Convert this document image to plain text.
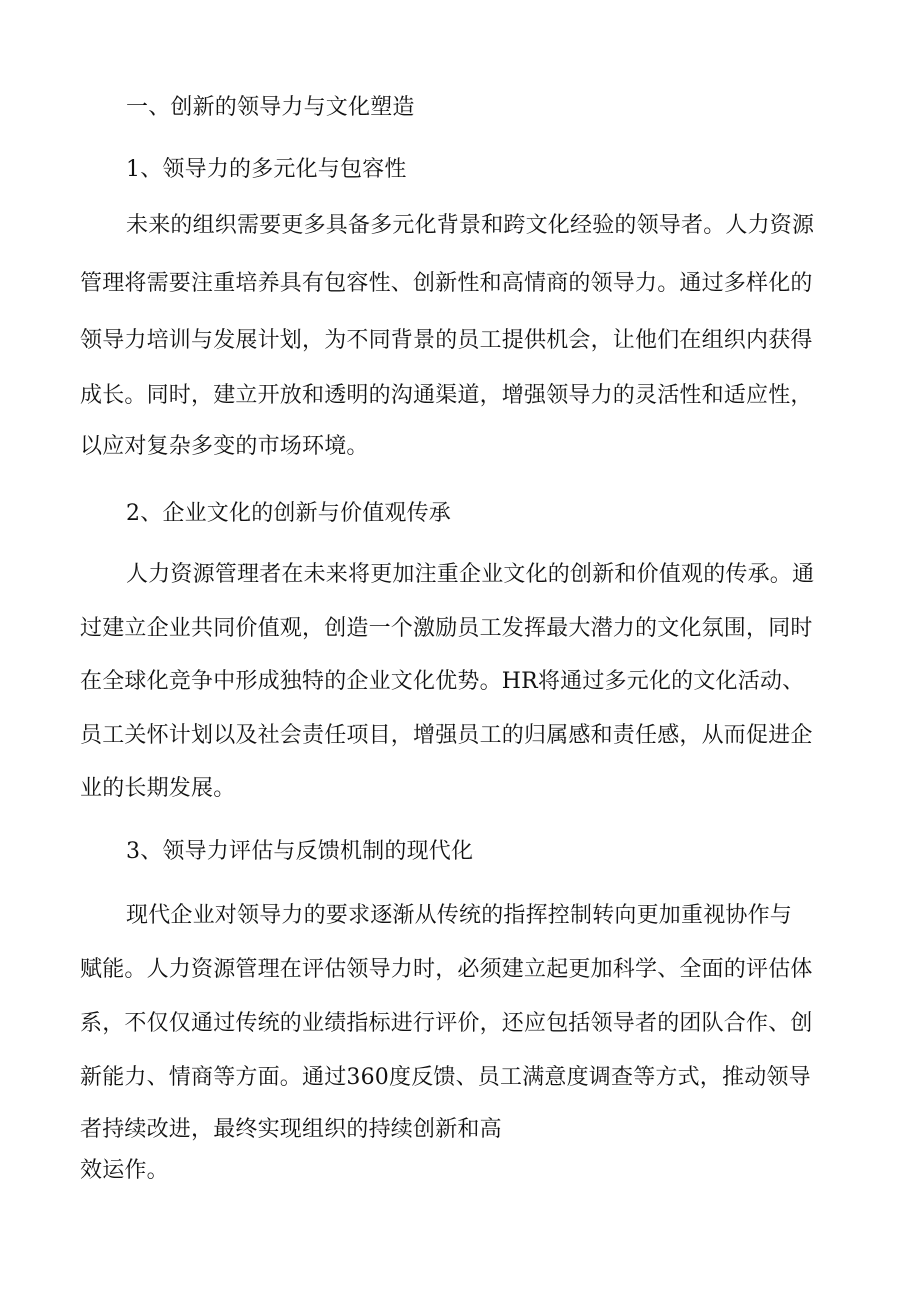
一、创新的领导力与文化塑造
1、领导力的多元化与包容性
未来的组织需要更多具备多元化背景和跨文化经验的领导者。人力资源
管理将需要注重培养具有包容性、创新性和高情商的领导力。通过多样化的
领导力培训与发展计划，为不同背景的员工提供机会，让他们在组织内获得
成长。同时，建立开放和透明的沟通渠道，增强领导力的灵活性和适应性，
以应对复杂多变的市场环境。
2、企业文化的创新与价值观传承
人力资源管理者在未来将更加注重企业文化的创新和价值观的传承。通
过建立企业共同价值观，创造一个激励员工发挥最大潜力的文化氛围，同时
在全球化竞争中形成独特的企业文化优势。HR将通过多元化的文化活动、
员工关怀计划以及社会责任项目，增强员工的归属感和责任感，从而促进企
业的长期发展。
3、领导力评估与反馈机制的现代化
现代企业对领导力的要求逐渐从传统的指挥控制转向更加重视协作与
赋能。人力资源管理在评估领导力时，必须建立起更加科学、全面的评估体
系，不仅仅通过传统的业绩指标进行评价，还应包括领导者的团队合作、创
新能力、情商等方面。通过360度反馈、员工满意度调查等方式，推动领导
者持续改进，最终实现组织的持续创新和高
效运作。
